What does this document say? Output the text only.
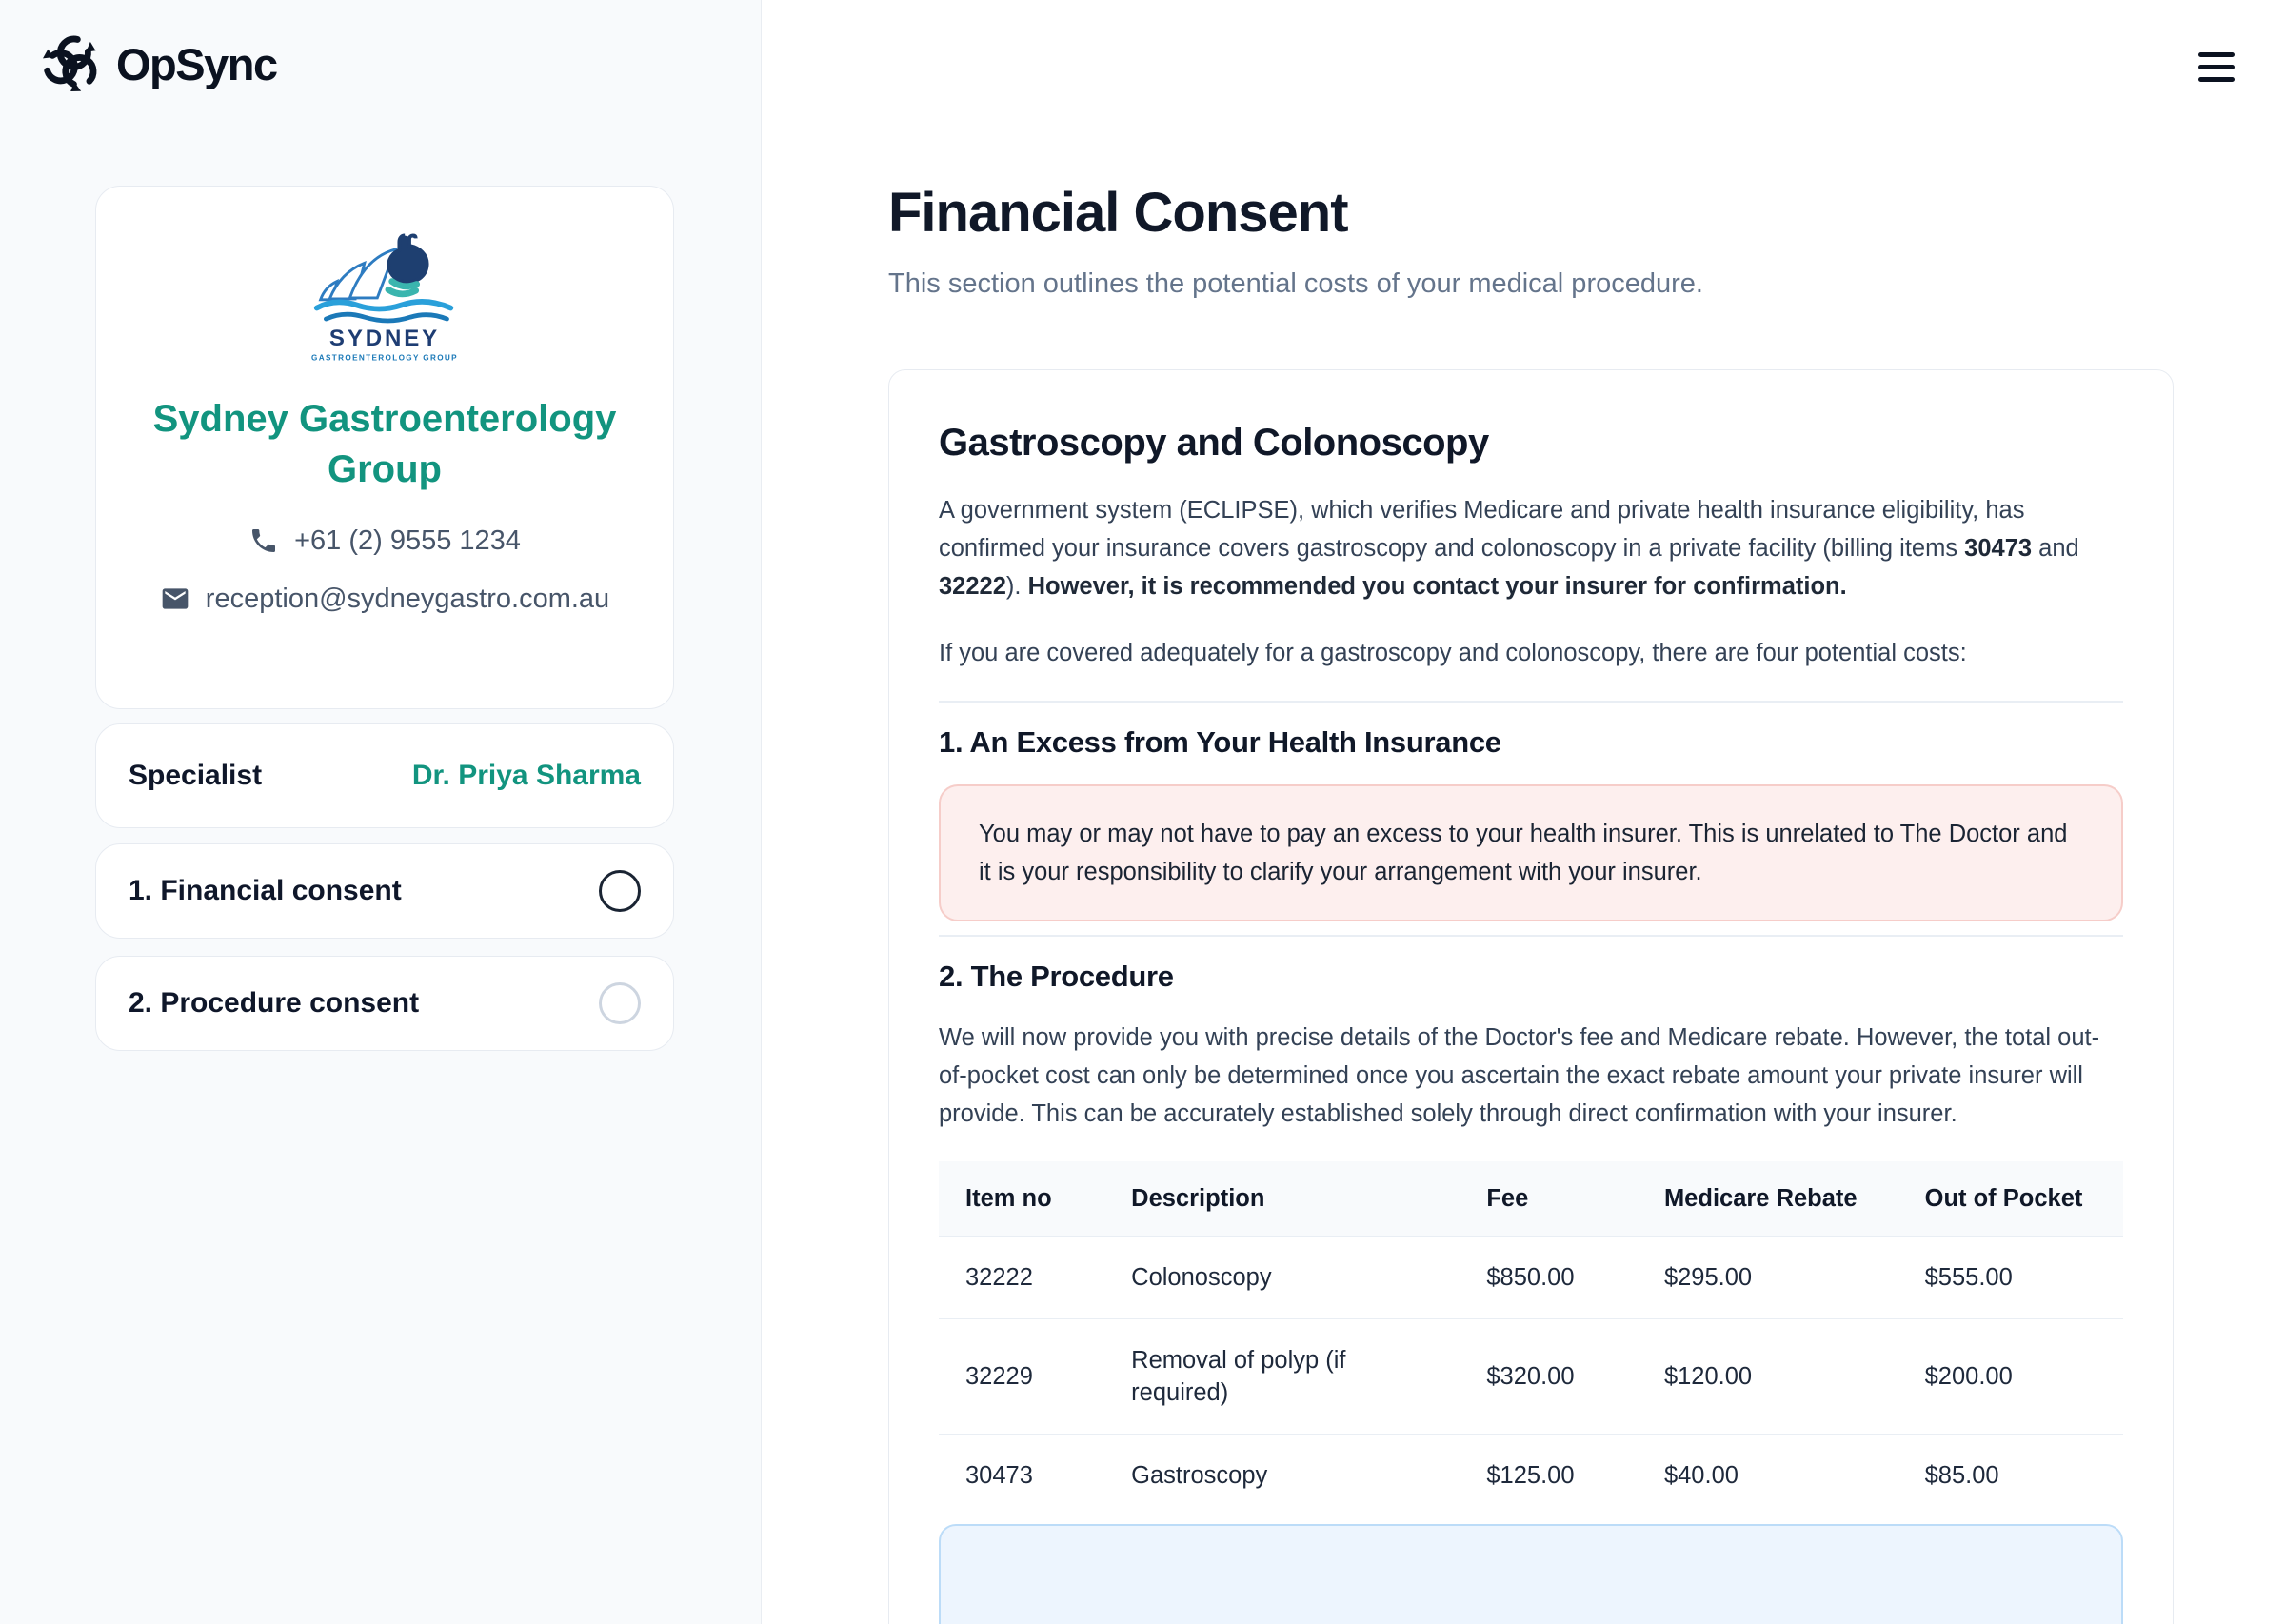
OpSync
SYDNEY
GASTROENTEROLOGY GROUP
Sydney Gastroenterology Group
+61 (2) 9555 1234
reception@sydneygastro.com.au
Specialist	Dr. Priya Sharma
1. Financial consent
2. Procedure consent
Financial Consent

This section outlines the potential costs of your medical procedure.

Gastroscopy and Colonoscopy

A government system (ECLIPSE), which verifies Medicare and private health insurance eligibility, has confirmed your insurance covers gastroscopy and colonoscopy in a private facility (billing items 30473 and 32222). However, it is recommended you contact your insurer for confirmation.

If you are covered adequately for a gastroscopy and colonoscopy, there are four potential costs:

1. An Excess from Your Health Insurance
You may or may not have to pay an excess to your health insurer. This is unrelated to The Doctor and it is your responsibility to clarify your arrangement with your insurer.
2. The Procedure

We will now provide you with precise details of the Doctor's fee and Medicare rebate. However, the total out-of-pocket cost can only be determined once you ascertain the exact rebate amount your private insurer will provide. This can be accurately established solely through direct confirmation with your insurer.

Item no	Description	Fee	Medicare Rebate	Out of Pocket
32222	Colonoscopy	$850.00	$295.00	$555.00
32229	Removal of polyp (if required)	$320.00	$120.00	$200.00
30473	Gastroscopy	$125.00	$40.00	$85.00
